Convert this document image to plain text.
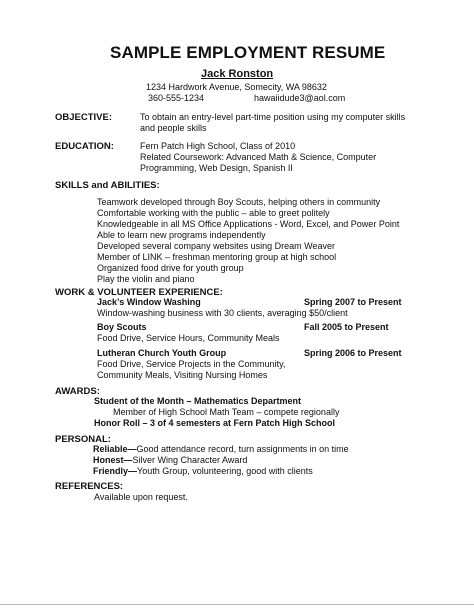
SAMPLE EMPLOYMENT RESUME
Jack Ronston
1234 Hardwork Avenue, Somecity, WA 98632
360-555-1234	hawaiidude3@aol.com
OBJECTIVE:	To obtain an entry-level part-time position using my computer skills
and people skills
EDUCATION:	Fern Patch High School, Class of 2010
Related Coursework: Advanced Math & Science, Computer
Programming, Web Design, Spanish II
SKILLS and ABILITIES:
Teamwork developed through Boy Scouts, helping others in community
Comfortable working with the public – able to greet politely
Knowledgeable in all MS Office Applications - Word, Excel, and Power Point
Able to learn new programs independently
Developed several company websites using Dream Weaver
Member of LINK – freshman mentoring group at high school
Organized food drive for youth group
Play the violin and piano
WORK & VOLUNTEER EXPERIENCE:
Jack’s Window Washing	Spring 2007 to Present
Window-washing business with 30 clients, averaging $50/client
Boy Scouts	Fall 2005 to Present
Food Drive, Service Hours, Community Meals
Lutheran Church Youth Group	Spring 2006 to Present
Food Drive, Service Projects in the Community,
Community Meals, Visiting Nursing Homes
AWARDS:
Student of the Month – Mathematics Department
Member of High School Math Team – compete regionally
Honor Roll – 3 of 4 semesters at Fern Patch High School
PERSONAL:
Reliable—Good attendance record, turn assignments in on time
Honest—Silver Wing Character Award
Friendly—Youth Group, volunteering, good with clients
REFERENCES:
Available upon request.
